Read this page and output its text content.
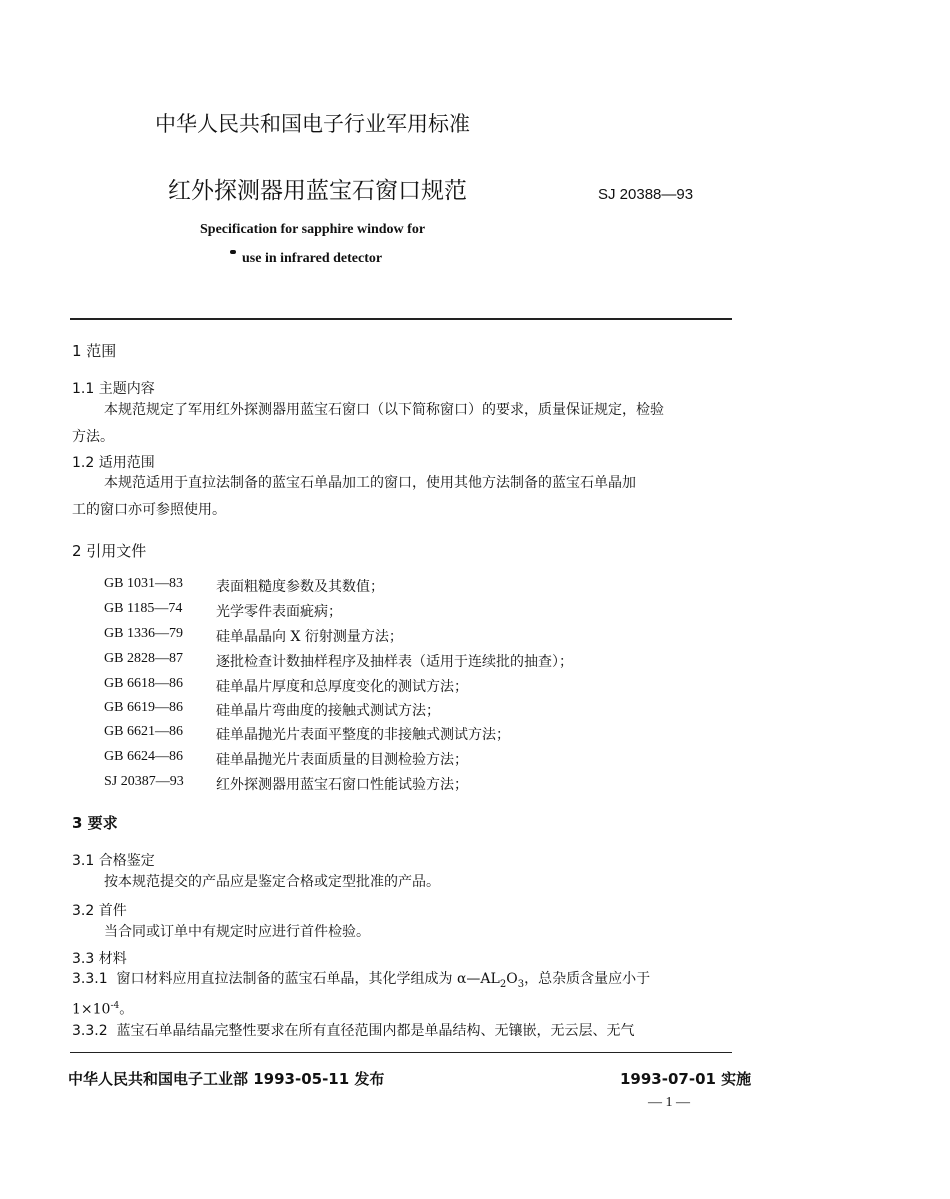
中华人民共和国电子行业军用标准
红外探测器用蓝宝石窗口规范	SJ 20388—93
Specification for sapphire window for
use in infrared detector
1 范围
1.1 主题内容
本规范规定了军用红外探测器用蓝宝石窗口（以下简称窗口）的要求，质量保证规定，检验
方法。
1.2 适用范围
本规范适用于直拉法制备的蓝宝石单晶加工的窗口，使用其他方法制备的蓝宝石单晶加
工的窗口亦可参照使用。
2 引用文件
GB 1031—83 表面粗糙度参数及其数值；
GB 1185—74 光学零件表面疵病；
GB 1336—79 硅单晶晶向 X 衍射测量方法；
GB 2828—87 逐批检查计数抽样程序及抽样表（适用于连续批的抽查）；
GB 6618—86 硅单晶片厚度和总厚度变化的测试方法；
GB 6619—86 硅单晶片弯曲度的接触式测试方法；
GB 6621—86 硅单晶抛光片表面平整度的非接触式测试方法；
GB 6624—86 硅单晶抛光片表面质量的目测检验方法；
SJ 20387—93 红外探测器用蓝宝石窗口性能试验方法；
3 要求
3.1 合格鉴定
按本规范提交的产品应是鉴定合格或定型批准的产品。
3.2 首件
当合同或订单中有规定时应进行首件检验。
3.3 材料
3.3.1 窗口材料应用直拉法制备的蓝宝石单晶，其化学组成为 $\alpha—AL_2O_3$，总杂质含量应小于
$1\times 10^{-4}$。
3.3.2 蓝宝石单晶结晶完整性要求在所有直径范围内都是单晶结构、无镶嵌，无云层、无气
中华人民共和国电子工业部 1993-05-11 发布	1993-07-01 实施
— 1 —
